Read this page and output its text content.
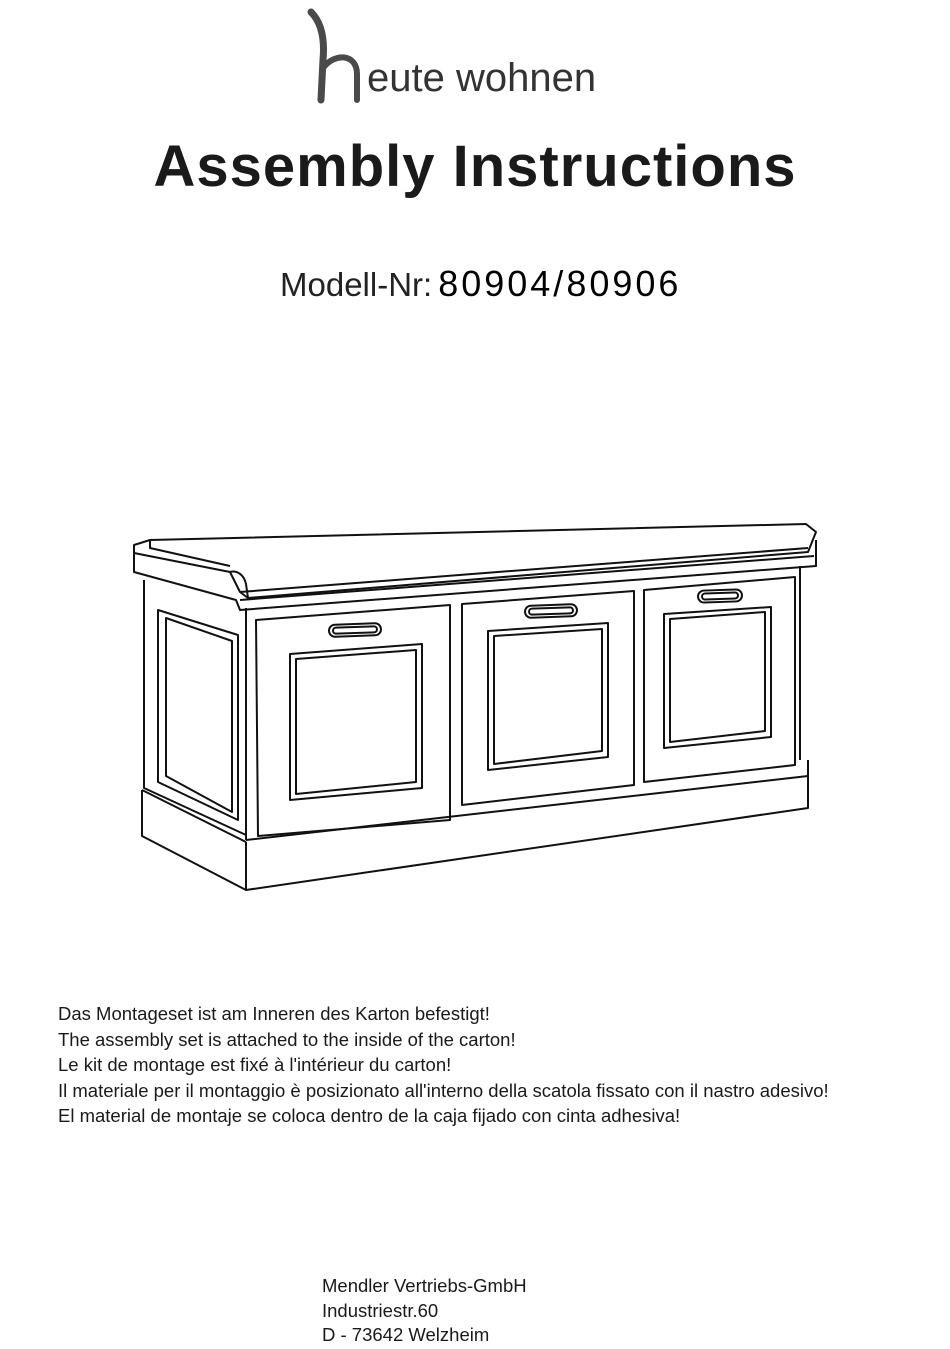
eute wohnen
Assembly Instructions
Modell-Nr: 80904/80906
Das Montageset ist am Inneren des Karton befestigt!
The assembly set is attached to the inside of the carton!
Le kit de montage est fixé à l'intérieur du carton!
Il materiale per il montaggio è posizionato all'interno della scatola fissato con il nastro adesivo!
El material de montaje se coloca dentro de la caja fijado con cinta adhesiva!
Mendler Vertriebs-GmbH
Industriestr.60
D - 73642 Welzheim
